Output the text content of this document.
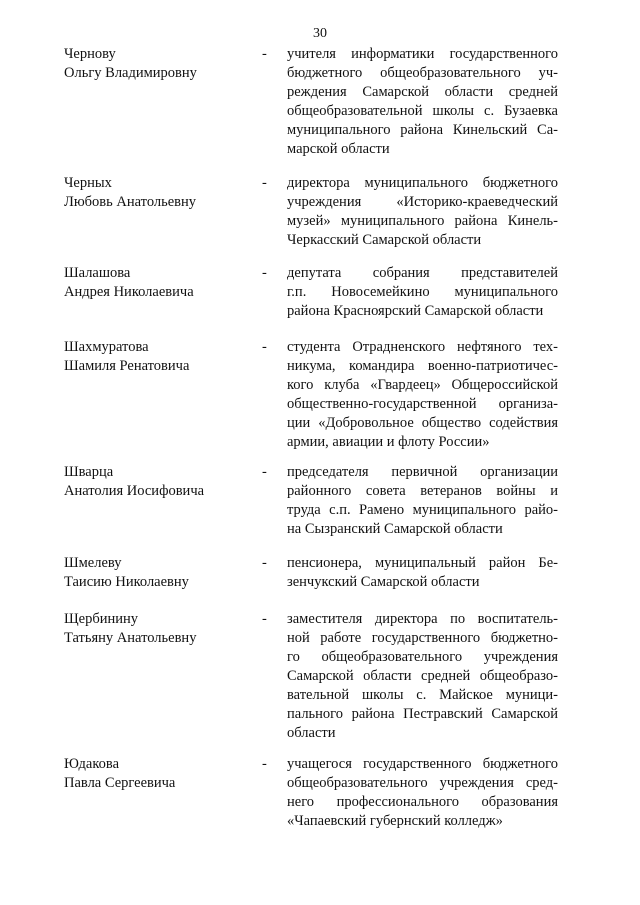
30
Чернову
Ольгу Владимировну
- учителя информатики государственного
бюджетного общеобразовательного уч-
реждения Самарской области средней
общеобразовательной школы с. Бузаевка
муниципального района Кинельский Са-
марской области
Черных
Любовь Анатольевну
- директора муниципального бюджетного
учреждения «Историко-краеведческий
музей» муниципального района Кинель-
Черкасский Самарской области
Шалашова
Андрея Николаевича
- депутата собрания представителей
г.п. Новосемейкино муниципального
района Красноярский Самарской области
Шахмуратова
Шамиля Ренатовича
- студента Отрадненского нефтяного тех-
никума, командира военно-патриотичес-
кого клуба «Гвардеец» Общероссийской
общественно-государственной организа-
ции «Добровольное общество содействия
армии, авиации и флоту России»
Шварца
Анатолия Иосифовича
- председателя первичной организации
районного совета ветеранов войны и
труда с.п. Рамено муниципального райо-
на Сызранский Самарской области
Шмелеву
Таисию Николаевну
- пенсионера, муниципальный район Бе-
зенчукский Самарской области
Щербинину
Татьяну Анатольевну
- заместителя директора по воспитатель-
ной работе государственного бюджетно-
го общеобразовательного учреждения
Самарской области средней общеобразо-
вательной школы с. Майское муници-
пального района Пестравский Самарской
области
Юдакова
Павла Сергеевича
- учащегося государственного бюджетного
общеобразовательного учреждения сред-
него профессионального образования
«Чапаевский губернский колледж»
